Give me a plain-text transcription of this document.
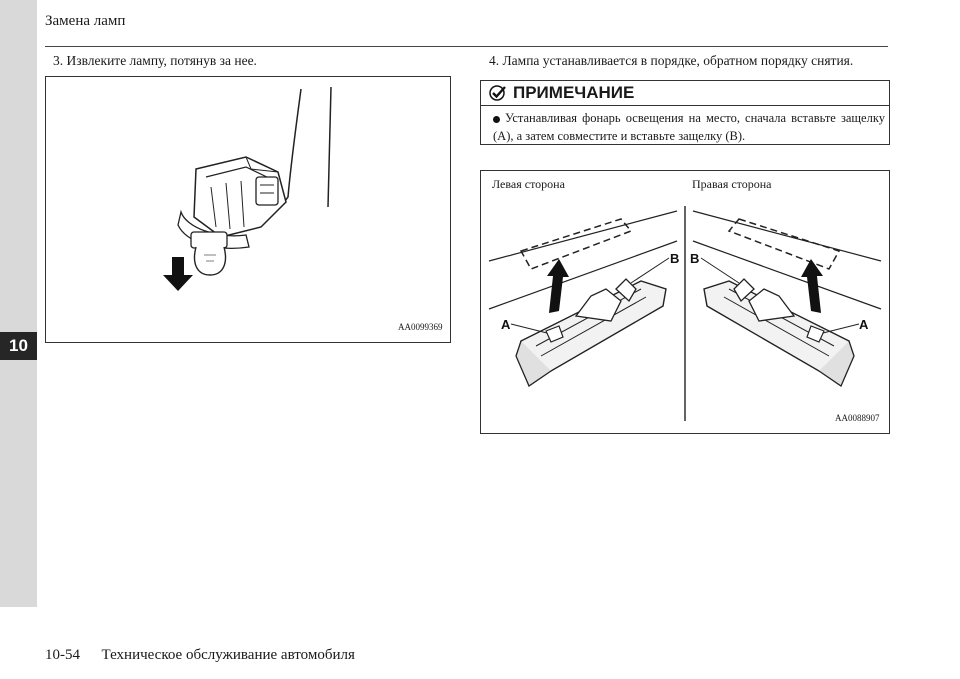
10
Замена ламп
3. Извлеките лампу, потянув за нее.
AA0099369
4. Лампа устанавливается в порядке, обратном порядку снятия.
ПРИМЕЧАНИЕ
Устанавливая фонарь освещения на место, сначала вставьте защелку (A), а затем совместите и вставьте защелку (B).
Левая сторона	Правая сторона
A
B
A
B
AA0088907
10-54 Техническое обслуживание автомобиля
